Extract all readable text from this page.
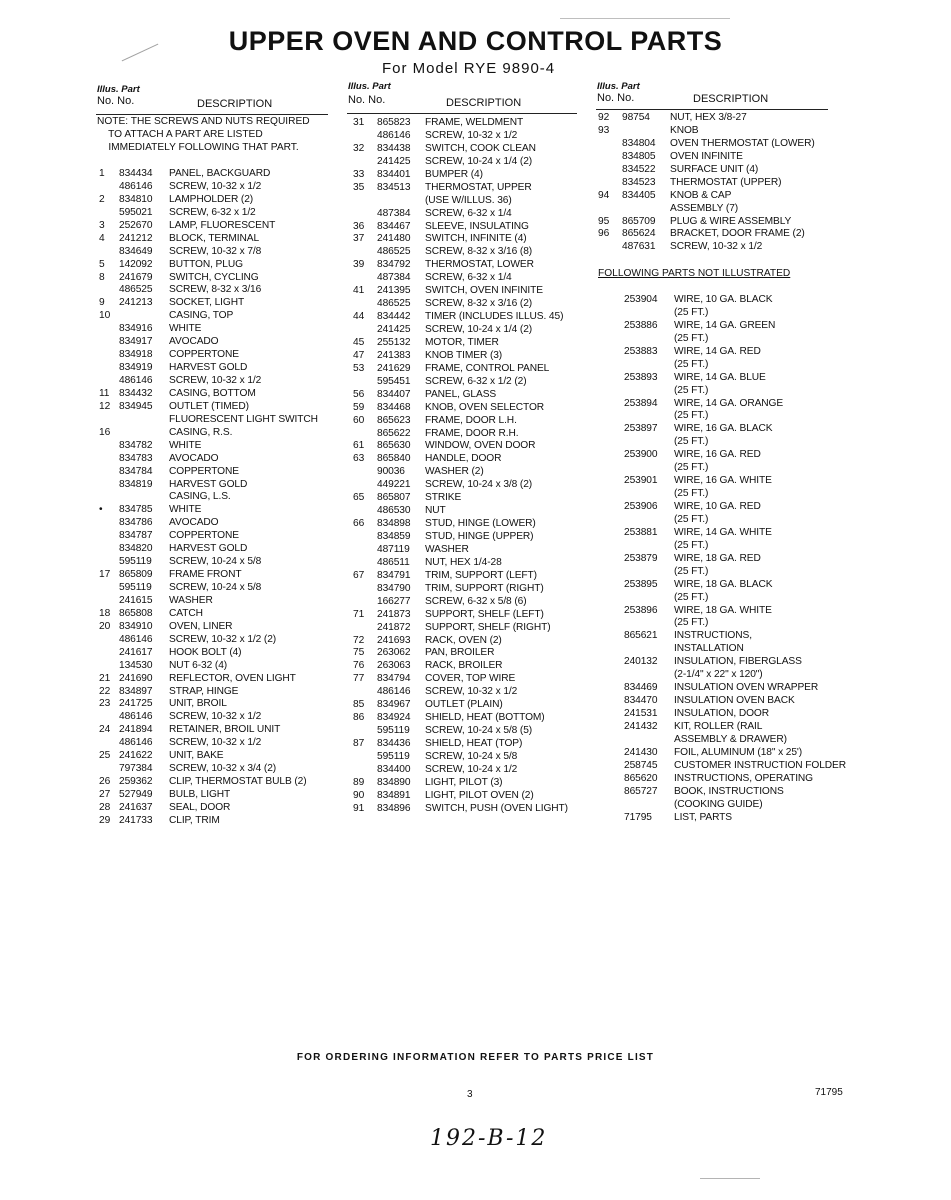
UPPER OVEN AND CONTROL PARTS
For Model RYE 9890-4
Illus. Part
No. No.	DESCRIPTION
Illus. Part
No. No.	DESCRIPTION
Illus. Part
No. No.	DESCRIPTION
NOTE: THE SCREWS AND NUTS REQUIRED
TO ATTACH A PART ARE LISTED
IMMEDIATELY FOLLOWING THAT PART.
1 834434 PANEL, BACKGUARD
486146 SCREW, 10-32 x 1/2
2 834810 LAMPHOLDER (2)
595021 SCREW, 6-32 x 1/2
3 252670 LAMP, FLUORESCENT
4 241212 BLOCK, TERMINAL
834649 SCREW, 10-32 x 7/8
5 142092 BUTTON, PLUG
8 241679 SWITCH, CYCLING
486525 SCREW, 8-32 x 3/16
9 241213 SOCKET, LIGHT
10	CASING, TOP
834916 WHITE
834917 AVOCADO
834918 COPPERTONE
834919 HARVEST GOLD
486146 SCREW, 10-32 x 1/2
11 834432 CASING, BOTTOM
12 834945 OUTLET (TIMED)
FLUORESCENT LIGHT SWITCH
16	CASING, R.S.
834782 WHITE
834783 AVOCADO
834784 COPPERTONE
834819 HARVEST GOLD
CASING, L.S.
• 834785 WHITE
834786 AVOCADO
834787 COPPERTONE
834820 HARVEST GOLD
595119 SCREW, 10-24 x 5/8
17 865809 FRAME FRONT
595119 SCREW, 10-24 x 5/8
241615 WASHER
18 865808 CATCH
20 834910 OVEN, LINER
486146 SCREW, 10-32 x 1/2 (2)
241617 HOOK BOLT (4)
134530 NUT 6-32 (4)
21 241690 REFLECTOR, OVEN LIGHT
22 834897 STRAP, HINGE
23 241725 UNIT, BROIL
486146 SCREW, 10-32 x 1/2
24 241894 RETAINER, BROIL UNIT
486146 SCREW, 10-32 x 1/2
25 241622 UNIT, BAKE
797384 SCREW, 10-32 x 3/4 (2)
26 259362 CLIP, THERMOSTAT BULB (2)
27 527949 BULB, LIGHT
28 241637 SEAL, DOOR
29 241733 CLIP, TRIM
31 865823 FRAME, WELDMENT
486146 SCREW, 10-32 x 1/2
32 834438 SWITCH, COOK CLEAN
241425 SCREW, 10-24 x 1/4 (2)
33 834401 BUMPER (4)
35 834513 THERMOSTAT, UPPER
(USE W/ILLUS. 36)
487384 SCREW, 6-32 x 1/4
36 834467 SLEEVE, INSULATING
37 241480 SWITCH, INFINITE (4)
486525 SCREW, 8-32 x 3/16 (8)
39 834792 THERMOSTAT, LOWER
487384 SCREW, 6-32 x 1/4
41 241395 SWITCH, OVEN INFINITE
486525 SCREW, 8-32 x 3/16 (2)
44 834442 TIMER (INCLUDES ILLUS. 45)
241425 SCREW, 10-24 x 1/4 (2)
45 255132 MOTOR, TIMER
47 241383 KNOB TIMER (3)
53 241629 FRAME, CONTROL PANEL
595451 SCREW, 6-32 x 1/2 (2)
56 834407 PANEL, GLASS
59 834468 KNOB, OVEN SELECTOR
60 865623 FRAME, DOOR L.H.
865622 FRAME, DOOR R.H.
61 865630 WINDOW, OVEN DOOR
63 865840 HANDLE, DOOR
90036 WASHER (2)
449221 SCREW, 10-24 x 3/8 (2)
65 865807 STRIKE
486530 NUT
66 834898 STUD, HINGE (LOWER)
834859 STUD, HINGE (UPPER)
487119 WASHER
486511 NUT, HEX 1/4-28
67 834791 TRIM, SUPPORT (LEFT)
834790 TRIM, SUPPORT (RIGHT)
166277 SCREW, 6-32 x 5/8 (6)
71 241873 SUPPORT, SHELF (LEFT)
241872 SUPPORT, SHELF (RIGHT)
72 241693 RACK, OVEN (2)
75 263062 PAN, BROILER
76 263063 RACK, BROILER
77 834794 COVER, TOP WIRE
486146 SCREW, 10-32 x 1/2
85 834967 OUTLET (PLAIN)
86 834924 SHIELD, HEAT (BOTTOM)
595119 SCREW, 10-24 x 5/8 (5)
87 834436 SHIELD, HEAT (TOP)
595119 SCREW, 10-24 x 5/8
834400 SCREW, 10-24 x 1/2
89 834890 LIGHT, PILOT (3)
90 834891 LIGHT, PILOT OVEN (2)
91 834896 SWITCH, PUSH (OVEN LIGHT)
92 98754 NUT, HEX 3/8-27
93	KNOB
834804 OVEN THERMOSTAT (LOWER)
834805 OVEN INFINITE
834522 SURFACE UNIT (4)
834523 THERMOSTAT (UPPER)
94 834405 KNOB & CAP
ASSEMBLY (7)
95 865709 PLUG & WIRE ASSEMBLY
96 865624 BRACKET, DOOR FRAME (2)
487631 SCREW, 10-32 x 1/2
FOLLOWING PARTS NOT ILLUSTRATED
253904 WIRE, 10 GA. BLACK
(25 FT.)
253886 WIRE, 14 GA. GREEN
(25 FT.)
253883 WIRE, 14 GA. RED
(25 FT.)
253893 WIRE, 14 GA. BLUE
(25 FT.)
253894 WIRE, 14 GA. ORANGE
(25 FT.)
253897 WIRE, 16 GA. BLACK
(25 FT.)
253900 WIRE, 16 GA. RED
(25 FT.)
253901 WIRE, 16 GA. WHITE
(25 FT.)
253906 WIRE, 10 GA. RED
(25 FT.)
253881 WIRE, 14 GA. WHITE
(25 FT.)
253879 WIRE, 18 GA. RED
(25 FT.)
253895 WIRE, 18 GA. BLACK
(25 FT.)
253896 WIRE, 18 GA. WHITE
(25 FT.)
865621 INSTRUCTIONS,
INSTALLATION
240132 INSULATION, FIBERGLASS
(2-1/4" x 22" x 120")
834469 INSULATION OVEN WRAPPER
834470 INSULATION OVEN BACK
241531 INSULATION, DOOR
241432 KIT, ROLLER (RAIL
ASSEMBLY & DRAWER)
241430 FOIL, ALUMINUM (18" x 25')
258745 CUSTOMER INSTRUCTION FOLDER
865620 INSTRUCTIONS, OPERATING
865727 BOOK, INSTRUCTIONS
(COOKING GUIDE)
71795 LIST, PARTS
FOR ORDERING INFORMATION REFER TO PARTS PRICE LIST
3	71795
192-B-12
